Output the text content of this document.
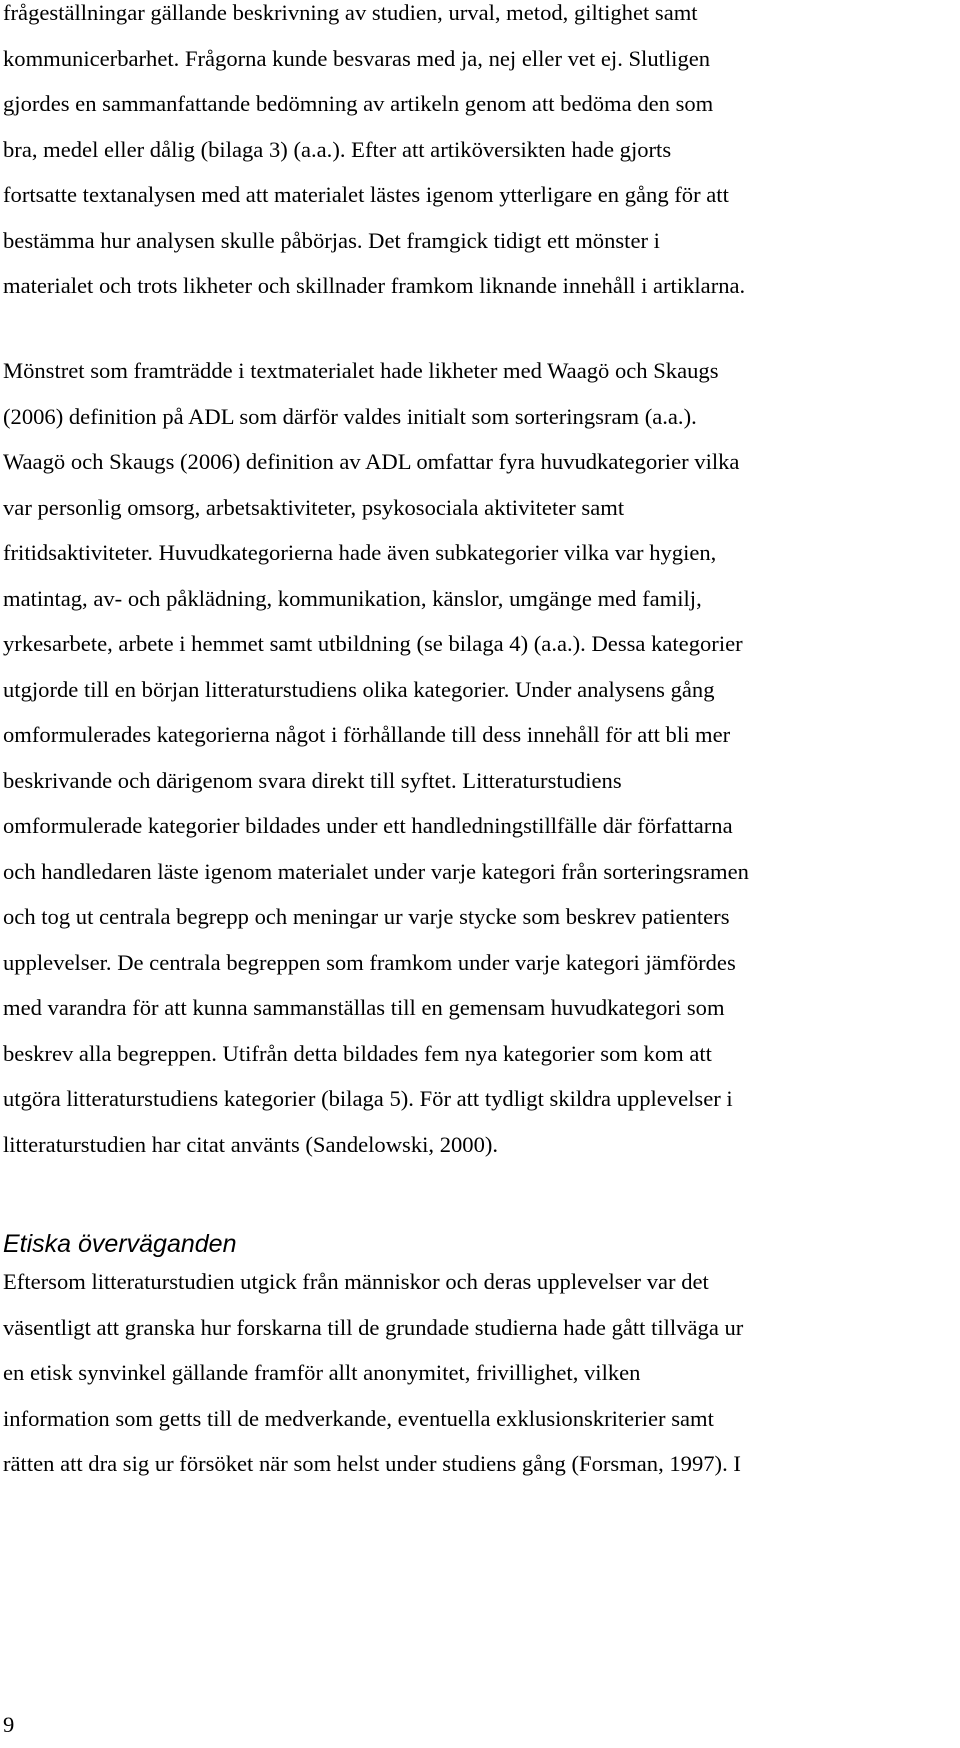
frågeställningar gällande beskrivning av studien, urval, metod, giltighet samt
kommunicerbarhet. Frågorna kunde besvaras med ja, nej eller vet ej. Slutligen
gjordes en sammanfattande bedömning av artikeln genom att bedöma den som
bra, medel eller dålig (bilaga 3) (a.a.). Efter att artiköversikten hade gjorts
fortsatte textanalysen med att materialet lästes igenom ytterligare en gång för att
bestämma hur analysen skulle påbörjas. Det framgick tidigt ett mönster i
materialet och trots likheter och skillnader framkom liknande innehåll i artiklarna.

Mönstret som framträdde i textmaterialet hade likheter med Waagö och Skaugs
(2006) definition på ADL som därför valdes initialt som sorteringsram (a.a.).
Waagö och Skaugs (2006) definition av ADL omfattar fyra huvudkategorier vilka
var personlig omsorg, arbetsaktiviteter, psykosociala aktiviteter samt
fritidsaktiviteter. Huvudkategorierna hade även subkategorier vilka var hygien,
matintag, av- och påklädning, kommunikation, känslor, umgänge med familj,
yrkesarbete, arbete i hemmet samt utbildning (se bilaga 4) (a.a.). Dessa kategorier
utgjorde till en början litteraturstudiens olika kategorier. Under analysens gång
omformulerades kategorierna något i förhållande till dess innehåll för att bli mer
beskrivande och därigenom svara direkt till syftet. Litteraturstudiens
omformulerade kategorier bildades under ett handledningstillfälle där författarna
och handledaren läste igenom materialet under varje kategori från sorteringsramen
och tog ut centrala begrepp och meningar ur varje stycke som beskrev patienters
upplevelser. De centrala begreppen som framkom under varje kategori jämfördes
med varandra för att kunna sammanställas till en gemensam huvudkategori som
beskrev alla begreppen. Utifrån detta bildades fem nya kategorier som kom att
utgöra litteraturstudiens kategorier (bilaga 5). För att tydligt skildra upplevelser i
litteraturstudien har citat använts (Sandelowski, 2000).

Etiska överväganden

Eftersom litteraturstudien utgick från människor och deras upplevelser var det
väsentligt att granska hur forskarna till de grundade studierna hade gått tillväga ur
en etisk synvinkel gällande framför allt anonymitet, frivillighet, vilken
information som getts till de medverkande, eventuella exklusionskriterier samt
rätten att dra sig ur försöket när som helst under studiens gång (Forsman, 1997). I

9
